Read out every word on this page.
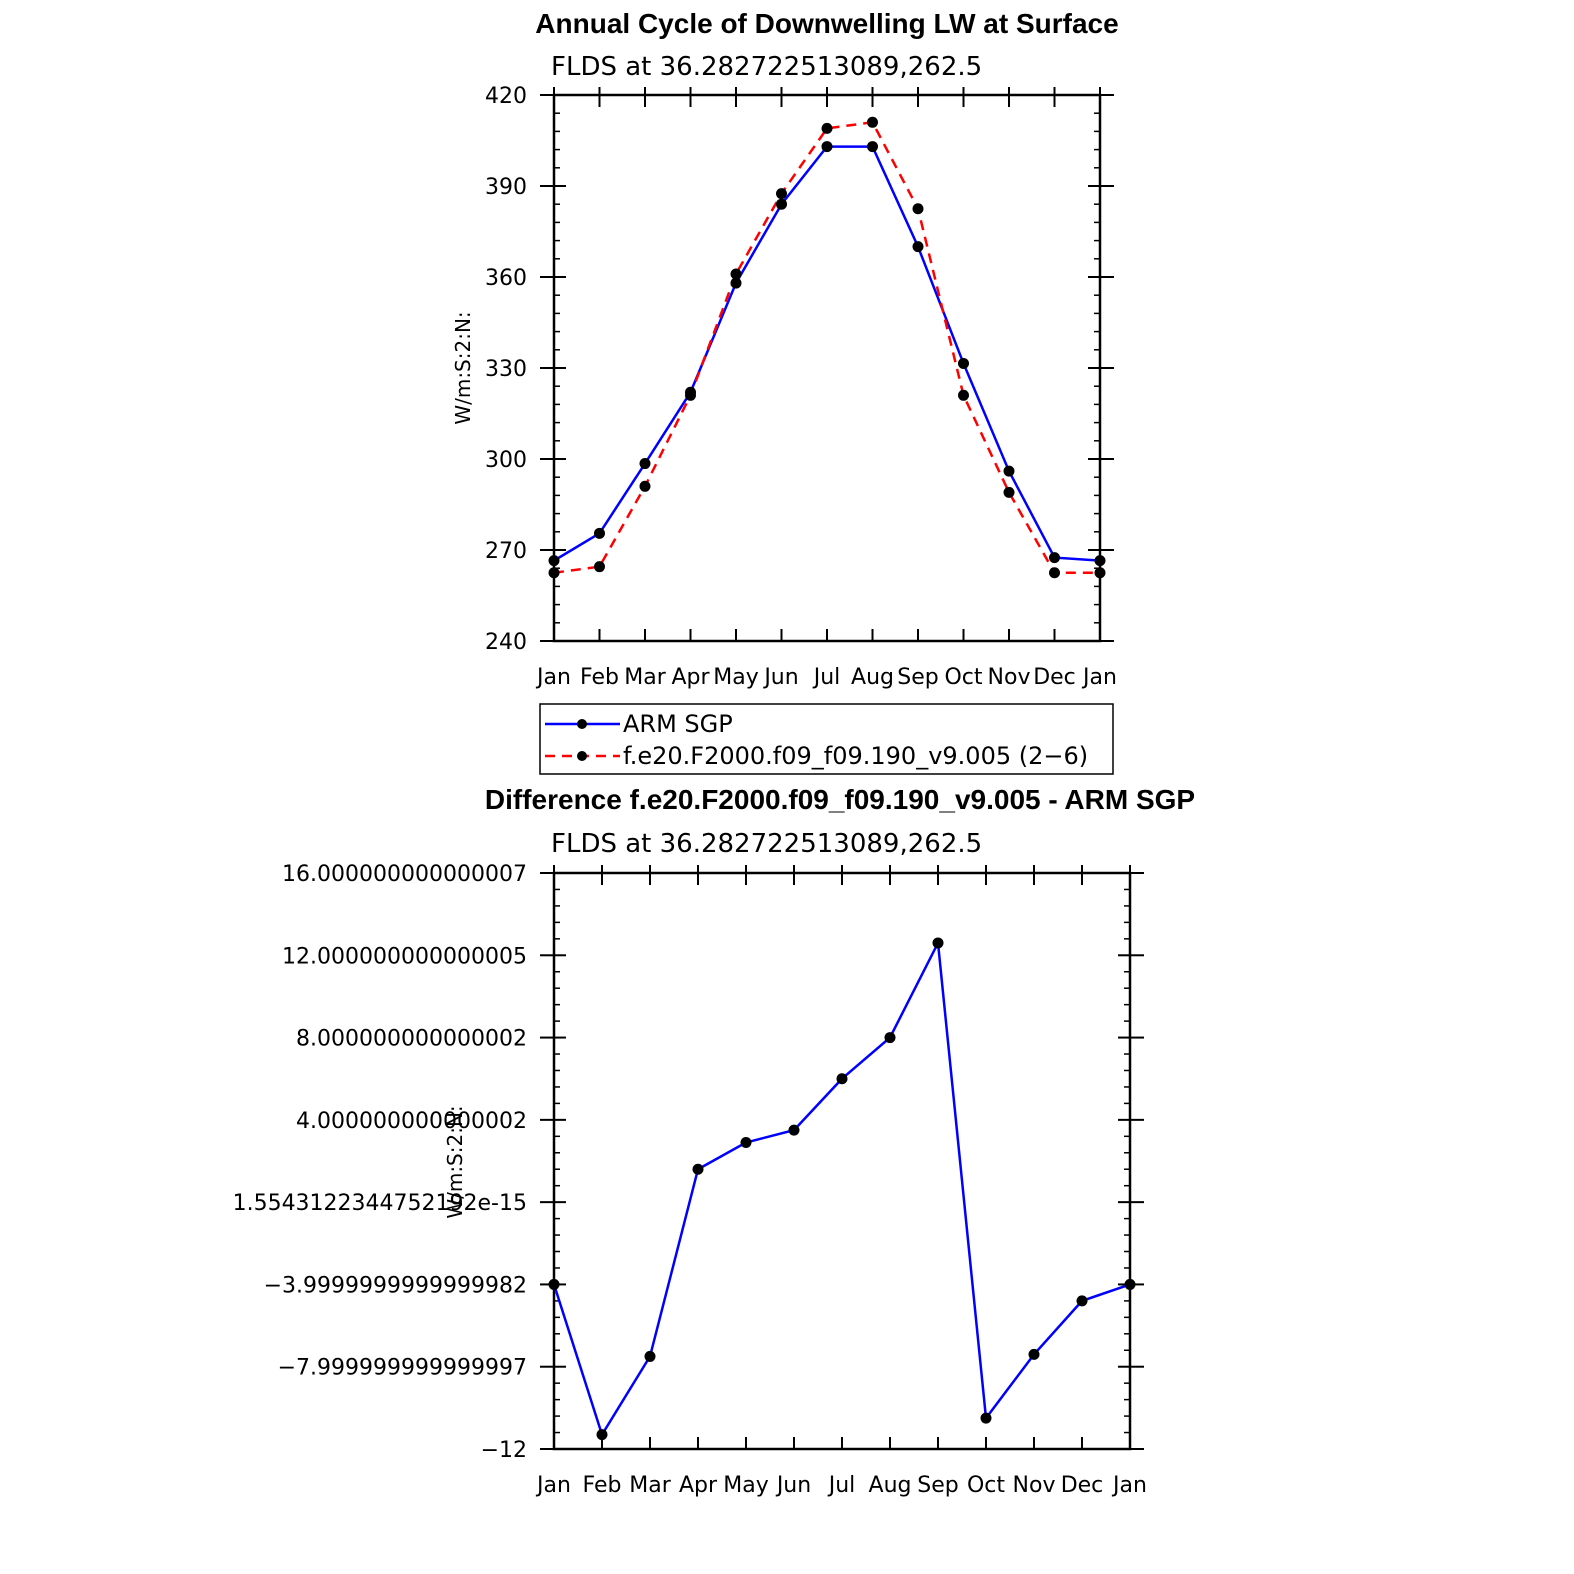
Annual Cycle of Downwelling LW at Surface
FLDS at 36.282722513089,262.5
W/m:S:2:N:
Jan Feb Mar Apr May Jun Jul Aug Sep Oct Nov Dec Jan
240
270
300
330
360
390
420
ARM SGP
f.e20.F2000.f09_f09.190_v9.005 (2−6)
Difference f.e20.F2000.f09_f09.190_v9.005 - ARM SGP
FLDS at 36.282722513089,262.5
W/m:S:2:N:
Jan Feb Mar Apr May Jun Jul Aug Sep Oct Nov Dec Jan
−12
−7.999999999999997
−3.9999999999999982
1.5543122344752192e-15
4.000000000000002
8.000000000000002
12.000000000000005
16.000000000000007
